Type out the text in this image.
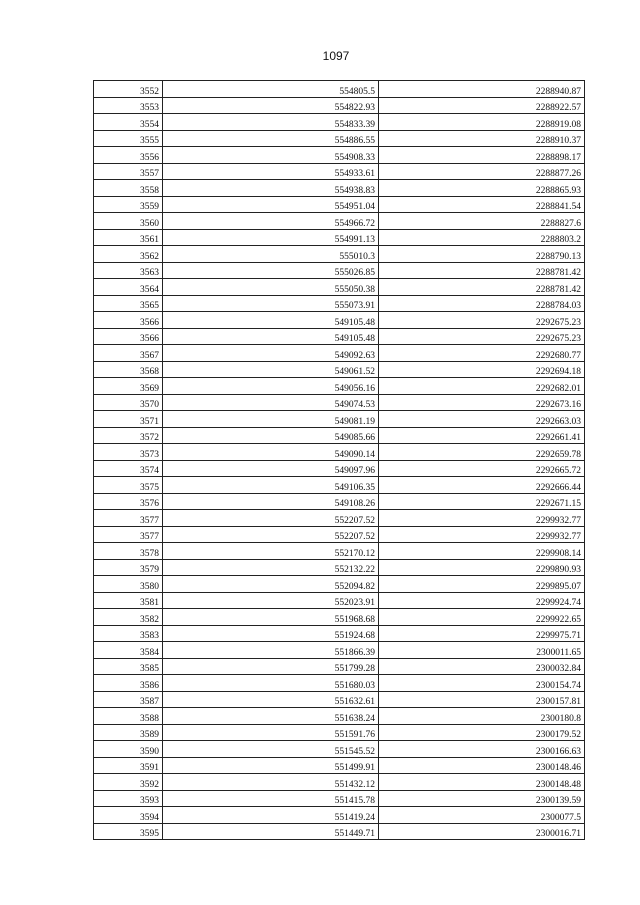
1097
3552	554805.5	2288940.87
3553	554822.93	2288922.57
3554	554833.39	2288919.08
3555	554886.55	2288910.37
3556	554908.33	2288898.17
3557	554933.61	2288877.26
3558	554938.83	2288865.93
3559	554951.04	2288841.54
3560	554966.72	2288827.6
3561	554991.13	2288803.2
3562	555010.3	2288790.13
3563	555026.85	2288781.42
3564	555050.38	2288781.42
3565	555073.91	2288784.03
3566	549105.48	2292675.23
3566	549105.48	2292675.23
3567	549092.63	2292680.77
3568	549061.52	2292694.18
3569	549056.16	2292682.01
3570	549074.53	2292673.16
3571	549081.19	2292663.03
3572	549085.66	2292661.41
3573	549090.14	2292659.78
3574	549097.96	2292665.72
3575	549106.35	2292666.44
3576	549108.26	2292671.15
3577	552207.52	2299932.77
3577	552207.52	2299932.77
3578	552170.12	2299908.14
3579	552132.22	2299890.93
3580	552094.82	2299895.07
3581	552023.91	2299924.74
3582	551968.68	2299922.65
3583	551924.68	2299975.71
3584	551866.39	2300011.65
3585	551799.28	2300032.84
3586	551680.03	2300154.74
3587	551632.61	2300157.81
3588	551638.24	2300180.8
3589	551591.76	2300179.52
3590	551545.52	2300166.63
3591	551499.91	2300148.46
3592	551432.12	2300148.48
3593	551415.78	2300139.59
3594	551419.24	2300077.5
3595	551449.71	2300016.71
